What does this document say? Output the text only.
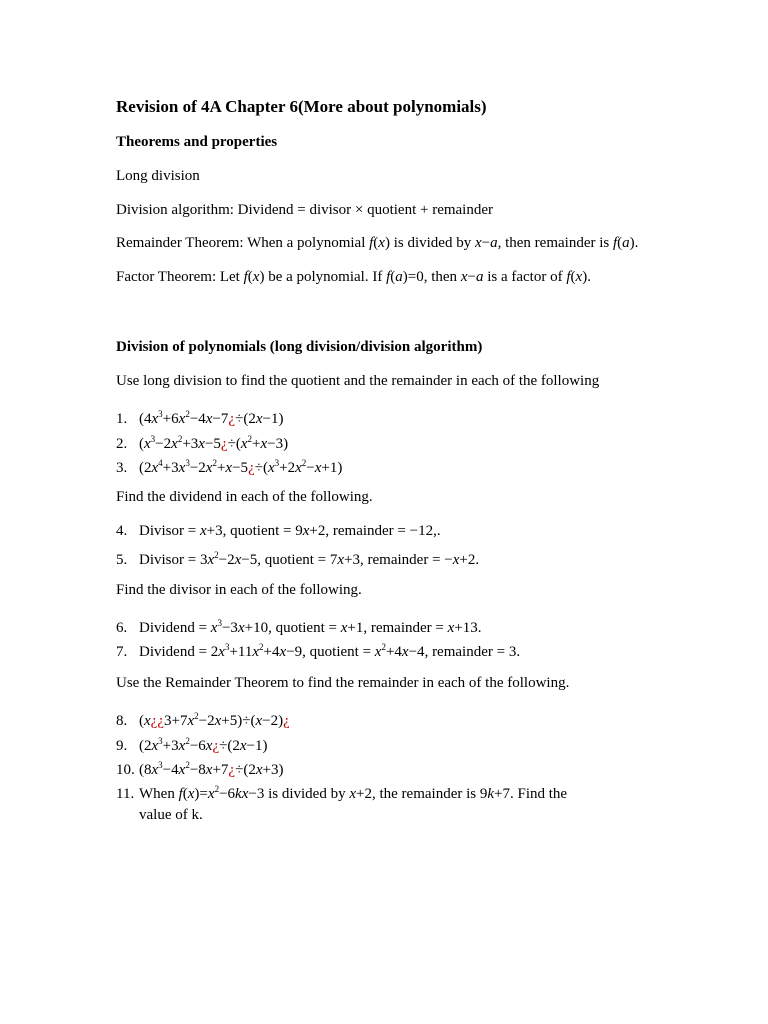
Revision of 4A Chapter 6(More about polynomials)
Theorems and properties
Long division
Division algorithm: Dividend = divisor × quotient + remainder
Remainder Theorem: When a polynomial f(x) is divided by x−a, then remainder is f(a).
Factor Theorem: Let f(x) be a polynomial. If f(a)=0, then x−a is a factor of f(x).
Division of polynomials (long division/division algorithm)
Use long division to find the quotient and the remainder in each of the following
1. ($4x^3+6x^2-4x-7¿\div(2x-1)$
2. ($x^3-2x^2+3x-5¿\div(x^2+x-3)$
3. ($2x^4+3x^3-2x^2+x-5¿\div(x^3+2x^2-x+1)$
Find the dividend in each of the following.
4. Divisor = x+3, quotient = 9x+2, remainder = −12,.
5. Divisor = $3x^2-2x-5$, quotient = 7x+3, remainder = −x+2.
Find the divisor in each of the following.
6. Dividend = $x^3-3x+10$, quotient = x+1, remainder = x+13.
7. Dividend = $2x^3+11x^2+4x-9$, quotient = $x^2+4x-4$, remainder = 3.
Use the Remainder Theorem to find the remainder in each of the following.
8. $(x¿¿3+7x^2-2x+5)\div(x-2)¿$
9. ($2x^3+3x^2-6x¿\div(2x-1)$
10. ($8x^3-4x^2-8x+7¿\div(2x+3)$
11. When $f(x)=x^2-6kx-3$ is divided by x+2, the remainder is 9k+7. Find the
value of k.
